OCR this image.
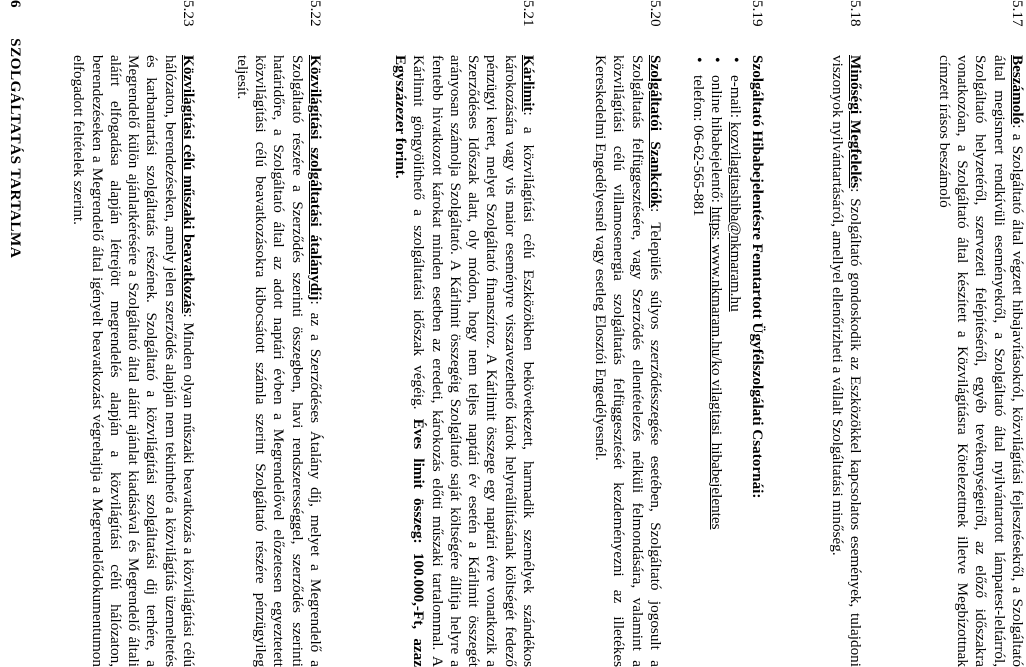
5.17
Beszámoló: a Szolgáltató által végzett hibajavításokról, közvilágítási fejlesztésekről, a Szolgáltató által megismert rendkívüli eseményekről, a Szolgáltató által nyilvántartott lámpatest-leltárról, Szolgáltató helyzetéről, szervezeti felépítéséről, egyéb tevékenységeiről, az előző időszakra vonatkozóan, a Szolgáltató által készített a Közvilágításra Kötelezettnek illetve Megbízottnak címzett írásos beszámoló
5.18
Minőségi Megfelelés: Szolgáltató gondoskodik az Eszközökkel kapcsolatos események, tulajdoni viszonyok nyilvántartásáról, amellyel ellenőrizheti a vállalt Szolgáltatási minőség.
5.19
Szolgáltató Hibabejelentésre Fenntartott Ügyfélszolgálati Csatornái:
• e-mail: kozvilagitashiba@nkmaram.hu
• online hibabejelentő: https: www.nkmaram.hu/ko vilagitasi_hibabejelentes
• telefon: 06-62-565-881
5.20
Szolgáltatói Szankciók: Település súlyos szerződésszegése esetében, Szolgáltató jogosult a Szolgáltatás felfüggesztésére, vagy Szerződés ellentételezés nélküli felmondására, valamint a közvilágítási célú villamosenergia szolgáltatás felfüggesztését kezdeményezni az illetékes Kereskedelmi Engedélyesnél vagy esetleg Elosztói Engedélyesnél.
5.21
Kárlimit: a közvilágítási célú Eszközökben bekövetkezett, harmadik személyek szándékos károkozására vagy vis maior eseményre visszavezethető károk helyreállításának költségét fedező pénzügyi keret, melyet Szolgáltató finanszíroz. A Kárlimit összege egy naptári évre vonatkozik a Szerződéses Időszak alatt, oly módon, hogy nem teljes naptári év esetén a Kárlimit összegét arányosan számolja Szolgáltató. A Kárlimit összegéig Szolgáltató saját költségére állítja helyre a fentebb hivatkozott károkat minden esetben az eredeti, károkozás előtti műszaki tartalommal. A Kárlimit göngyölíthető a szolgáltatási időszak végéig. Éves limit összeg: 100.000,-Ft, azaz Egyszázezer forint.
5.22
Közvilágítási szolgáltatási átalánydíj: az a Szerződéses Átalány díj, melyet a Megrendelő a Szolgáltató részére a Szerződés szerinti összegben, havi rendszerességgel, szerződés szerinti határidőre, a Szolgáltató által az adott naptári évben a Megrendelővel előzetesen egyeztetett közvilágítási célú beavatkozásokra kibocsátott számla szerint Szolgáltató részére pénzügyileg teljesít.
5.23
Közvilágítási célú műszaki beavatkozás: Minden olyan műszaki beavatkozás a közvilágítási célú hálózaton, berendezéseken, amely jelen szerződés alapján nem tekinthető a közvilágítás üzemeltetés és karbantartási szolgáltatás részének. Szolgáltató a közvilágítási szolgáltatási díj terhére, a Megrendelő külön ajánlatkérésére a Szolgáltató által aláírt ajánlat kiadásával és Megrendelő általi aláírt elfogadása alapján létrejött megrendelés alapján a közvilágítási célú hálózaton, berendezéseken a Megrendelő által igényelt beavatkozást végrehajtja a Megrendelődokumentumon elfogadott feltételek szerint.
6SZOLGÁLTATÁS TARTALMA
